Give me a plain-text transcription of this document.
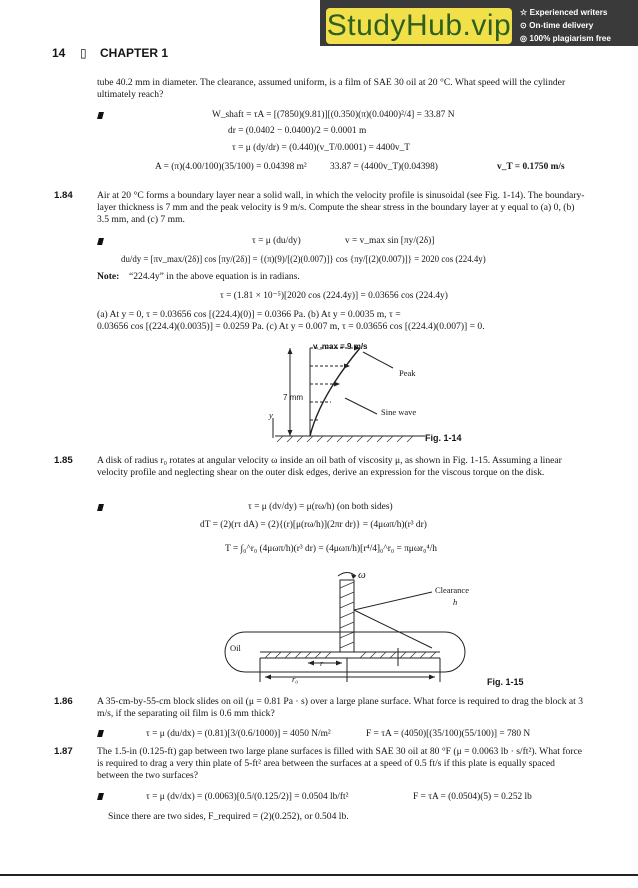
StudyHub.vip ☆ Experienced writers
⊙ On-time delivery
◎ 100% plagiarism free
14 ▯ CHAPTER 1
tube 40.2 mm in diameter. The clearance, assumed uniform, is a film of SAE 30 oil at 20 °C. What speed will the cylinder ultimately reach?
W_shaft = τA = [(7850)(9.81)][(0.350)(π)(0.0400)²/4] = 33.87 N
dr = (0.0402 − 0.0400)/2 = 0.0001 m
τ = μ (dy/dr) = (0.440)(v_T/0.0001) = 4400v_T
A = (π)(4.00/100)(35/100) = 0.04398 m² 33.87 = (4400v_T)(0.04398)	v_T = 0.1750 m/s
1.84	Air at 20 °C forms a boundary layer near a solid wall, in which the velocity profile is sinusoidal (see Fig. 1-14). The boundary-layer thickness is 7 mm and the peak velocity is 9 m/s. Compute the shear stress in the boundary layer at y equal to (a) 0, (b) 3.5 mm, and (c) 7 mm.
τ = μ (du/dy)	v = v_max sin [πy/(2δ)]
du/dy = [πv_max/(2δ)] cos [πy/(2δ)] = {(π)(9)/[(2)(0.007)]} cos {πy/[(2)(0.007)]} = 2020 cos (224.4y)
Note: “224.4y” in the above equation is in radians.
τ = (1.81 × 10⁻⁵)[2020 cos (224.4y)] = 0.03656 cos (224.4y)
(a) At y = 0, τ = 0.03656 cos [(224.4)(0)] = 0.0366 Pa. (b) At y = 0.0035 m, τ =
0.03656 cos [(224.4)(0.0035)] = 0.0259 Pa. (c) At y = 0.007 m, τ = 0.03656 cos [(224.4)(0.007)] = 0.
v_max = 9 m/s
Peak
7 mm
Sine wave
y
Fig. 1-14
1.85	A disk of radius r₀ rotates at angular velocity ω inside an oil bath of viscosity μ, as shown in Fig. 1-15. Assuming a linear velocity profile and neglecting shear on the outer disk edges, derive an expression for the viscous torque on the disk.
τ = μ (dv/dy) = μ(rω/h) (on both sides)
dT = (2)(rτ dA) = (2){(r)[μ(rω/h)](2πr dr)} = (4μωπ/h)(r³ dr)
T = ∫₀^r₀ (4μωπ/h)(r³ dr) = (4μωπ/h)[r⁴/4]₀^r₀ = πμωr₀⁴/h
ω
Clearance
h
Oil
r
r₀	Fig. 1-15
1.86	A 35-cm-by-55-cm block slides on oil (μ = 0.81 Pa · s) over a large plane surface. What force is required to drag the block at 3 m/s, if the separating oil film is 0.6 mm thick?
τ = μ (du/dx) = (0.81)[3/(0.6/1000)] = 4050 N/m²	F = τA = (4050)[(35/100)(55/100)] = 780 N
1.87	The 1.5-in (0.125-ft) gap between two large plane surfaces is filled with SAE 30 oil at 80 °F (μ = 0.0063 lb · s/ft²). What force is required to drag a very thin plate of 5-ft² area between the surfaces at a speed of 0.5 ft/s if this plate is equally spaced between the two surfaces?
τ = μ (dv/dx) = (0.0063)[0.5/(0.125/2)] = 0.0504 lb/ft²	F = τA = (0.0504)(5) = 0.252 lb
Since there are two sides, F_required = (2)(0.252), or 0.504 lb.
